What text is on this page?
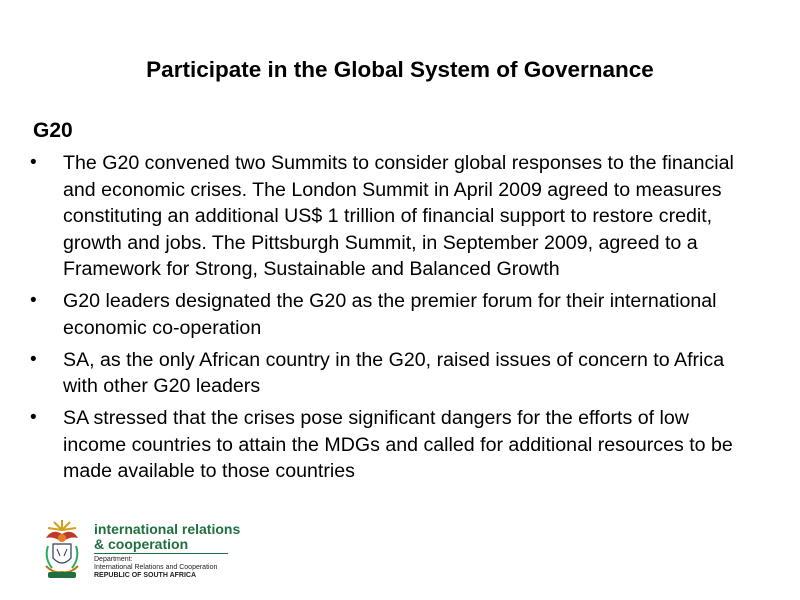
Participate in the Global System of Governance
G20
• The G20 convened two Summits to consider global responses to the financial and economic crises. The London Summit in April 2009 agreed to measures constituting an additional US$ 1 trillion of financial support to restore credit, growth and jobs. The Pittsburgh Summit, in September 2009, agreed to a Framework for Strong, Sustainable and Balanced Growth
• G20 leaders designated the G20 as the premier forum for their international economic co-operation
• SA, as the only African country in the G20, raised issues of concern to Africa with other G20 leaders
• SA stressed that the crises pose significant dangers for the efforts of low income countries to attain the MDGs and called for additional resources to be made available to those countries
international relations
& cooperation
Department:
International Relations and Cooperation
REPUBLIC OF SOUTH AFRICA
